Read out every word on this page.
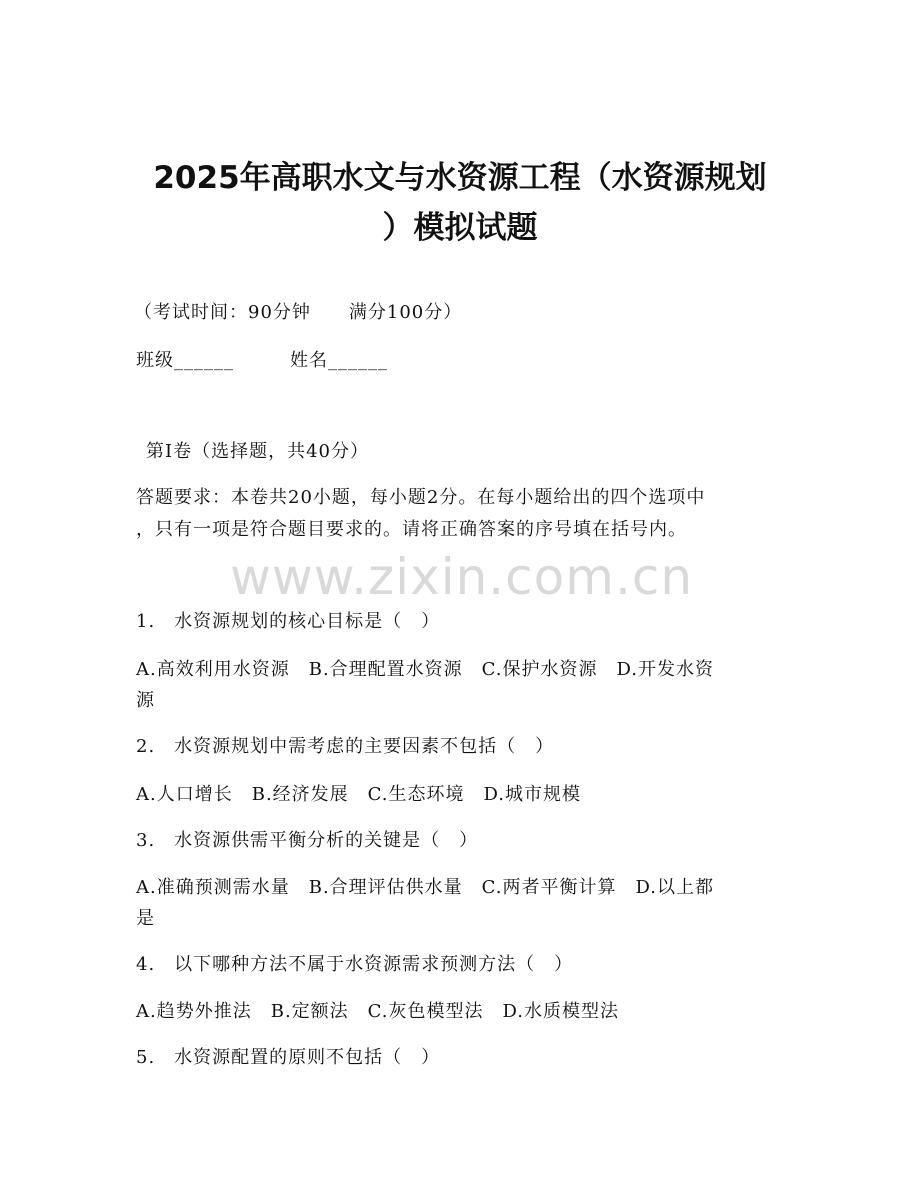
www.zixin.com.cn
2025年高职水文与水资源工程（水资源规划
）模拟试题
（考试时间：90分钟　　满分100分）
班级______	姓名______
第Ⅰ卷（选择题，共40分）
答题要求：本卷共20小题，每小题2分。在每小题给出的四个选项中
，只有一项是符合题目要求的。请将正确答案的序号填在括号内。
1.　水资源规划的核心目标是（　）
A.高效利用水资源　B.合理配置水资源　C.保护水资源　D.开发水资
源
2.　水资源规划中需考虑的主要因素不包括（　）
A.人口增长　B.经济发展　C.生态环境　D.城市规模
3.　水资源供需平衡分析的关键是（　）
A.准确预测需水量　B.合理评估供水量　C.两者平衡计算　D.以上都
是
4.　以下哪种方法不属于水资源需求预测方法（　）
A.趋势外推法　B.定额法　C.灰色模型法　D.水质模型法
5.　水资源配置的原则不包括（　）
